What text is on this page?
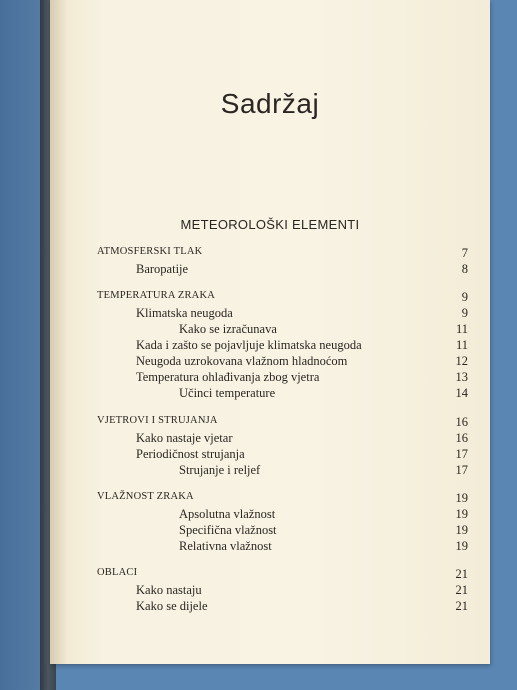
Sadržaj
METEOROLOŠKI ELEMENTI
ATMOSFERSKI TLAK	7
Baropatije	8
TEMPERATURA ZRAKA	9
Klimatska neugoda	9
Kako se izračunava	11
Kada i zašto se pojavljuje klimatska neugoda	11
Neugoda uzrokovana vlažnom hladnoćom	12
Temperatura ohlađivanja zbog vjetra	13
Učinci temperature	14
VJETROVI I STRUJANJA	16
Kako nastaje vjetar	16
Periodičnost strujanja	17
Strujanje i reljef	17
VLAŽNOST ZRAKA	19
Apsolutna vlažnost	19
Specifična vlažnost	19
Relativna vlažnost	19
OBLACI	21
Kako nastaju	21
Kako se dijele	21
